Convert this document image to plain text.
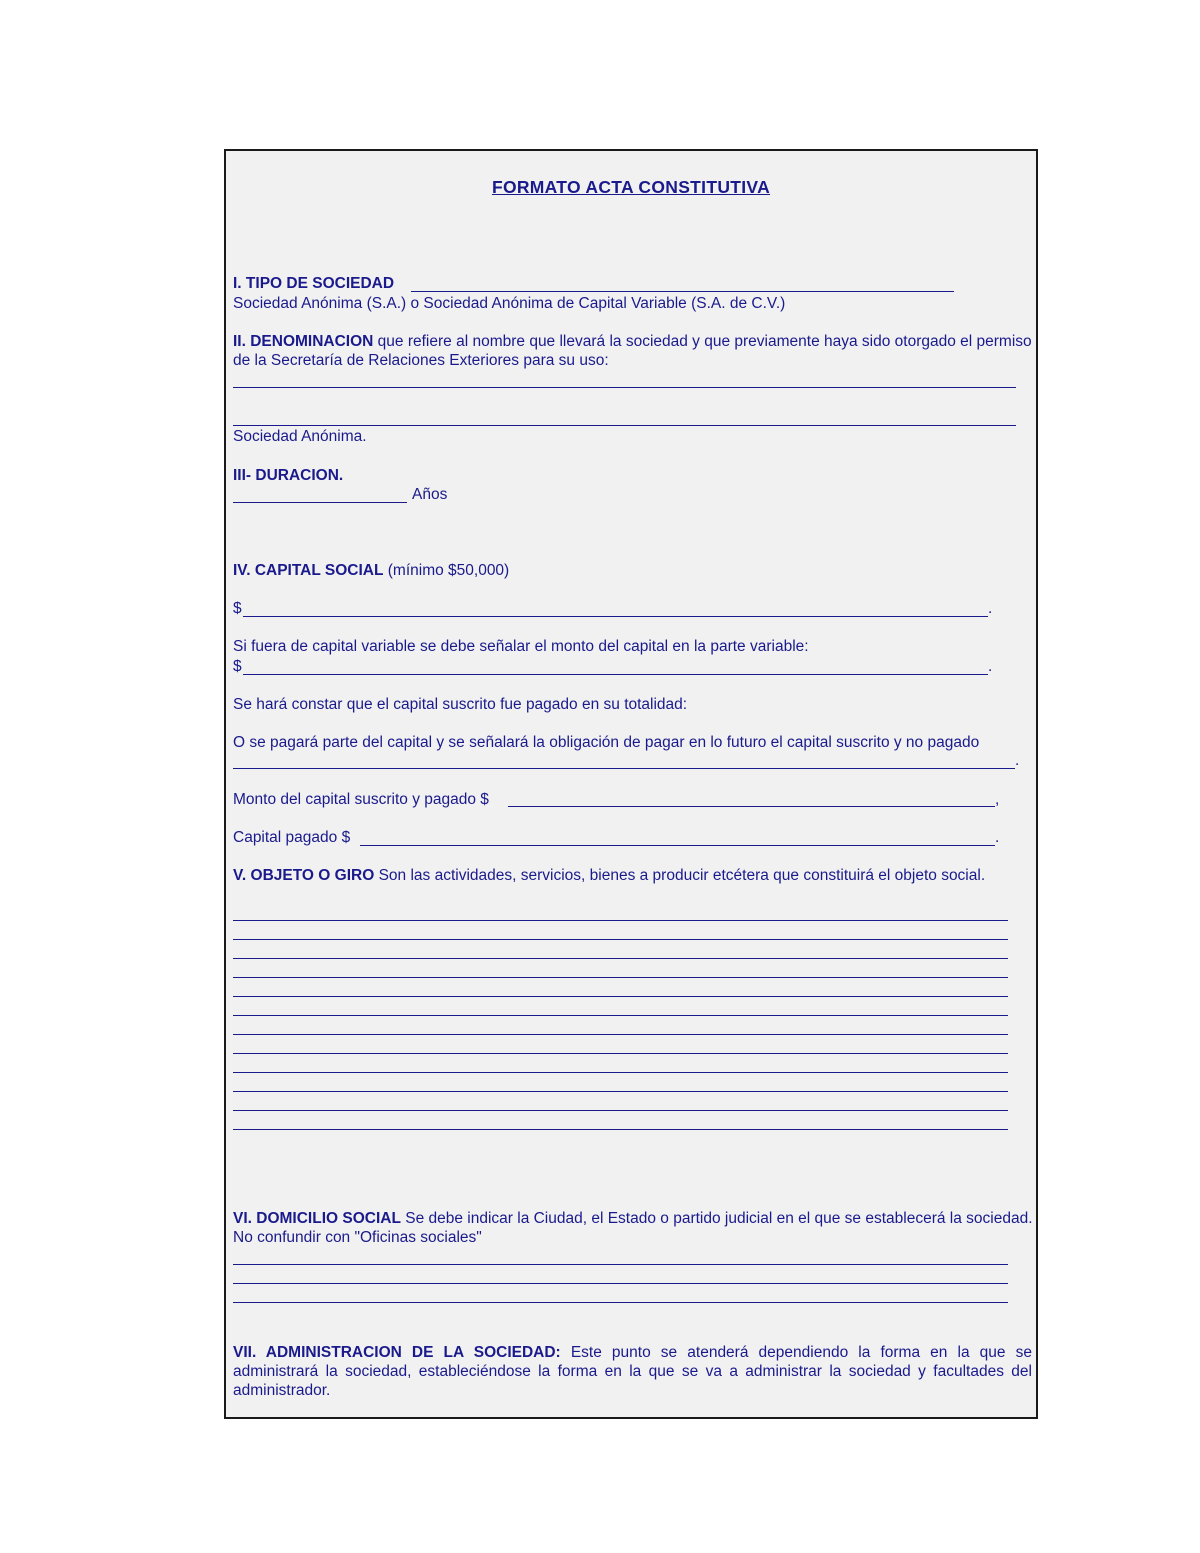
FORMATO ACTA CONSTITUTIVA
I. TIPO DE SOCIEDAD
Sociedad Anónima (S.A.) o Sociedad Anónima de Capital Variable (S.A. de C.V.)
II. DENOMINACION que refiere al nombre que llevará la sociedad y que previamente haya sido otorgado el permiso de la Secretaría de Relaciones Exteriores para su uso:
Sociedad Anónima.
III- DURACION.
Años
IV. CAPITAL SOCIAL (mínimo $50,000)
$	.
Si fuera de capital variable se debe señalar el monto del capital en la parte variable:
$	.
Se hará constar que el capital suscrito fue pagado en su totalidad:
O se pagará parte del capital y se señalará la obligación de pagar en lo futuro el capital suscrito y no pagado
.
Monto del capital suscrito y pagado $	,
Capital pagado $	.
V. OBJETO O GIRO Son las actividades, servicios, bienes a producir etcétera que constituirá el objeto social.
VI. DOMICILIO SOCIAL Se debe indicar la Ciudad, el Estado o partido judicial en el que se establecerá la sociedad. No confundir con "Oficinas sociales"
VII. ADMINISTRACION DE LA SOCIEDAD: Este punto se atenderá dependiendo la forma en la que se administrará la sociedad, estableciéndose la forma en la que se va a administrar la sociedad y facultades del administrador.
